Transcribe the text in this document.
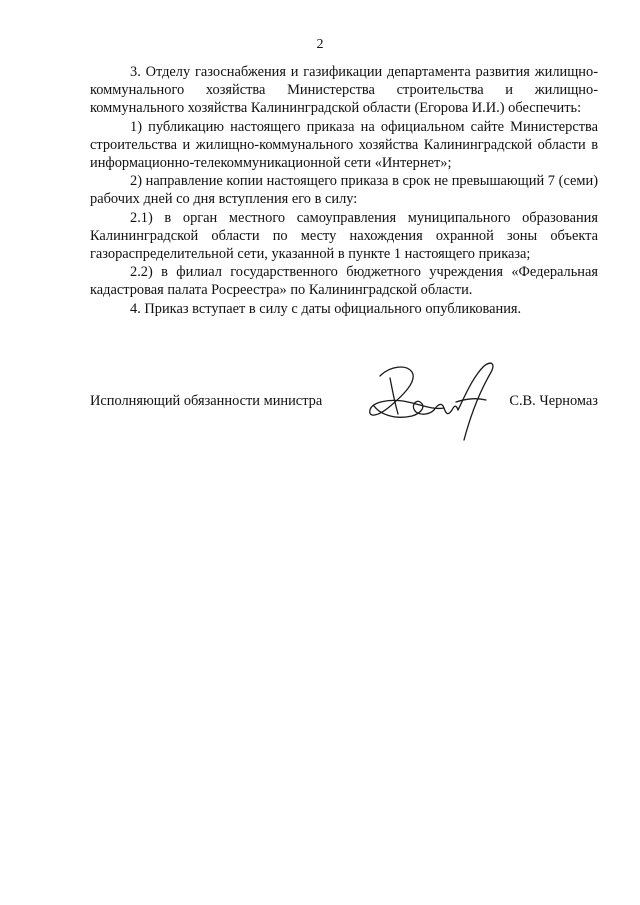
2

3. Отделу газоснабжения и газификации департамента развития жилищно-коммунального хозяйства Министерства строительства и жилищно-коммунального хозяйства Калининградской области (Егорова И.И.) обеспечить:

1) публикацию настоящего приказа на официальном сайте Министерства строительства и жилищно-коммунального хозяйства Калининградской области в информационно-телекоммуникационной сети «Интернет»;

2) направление копии настоящего приказа в срок не превышающий 7 (семи) рабочих дней со дня вступления его в силу:

2.1) в орган местного самоуправления муниципального образования Калининградской области по месту нахождения охранной зоны объекта газораспределительной сети, указанной в пункте 1 настоящего приказа;

2.2) в филиал государственного бюджетного учреждения «Федеральная кадастровая палата Росреестра» по Калининградской области.

4. Приказ вступает в силу с даты официального опубликования.

Исполняющий обязанности министра	С.В. Черномаз
